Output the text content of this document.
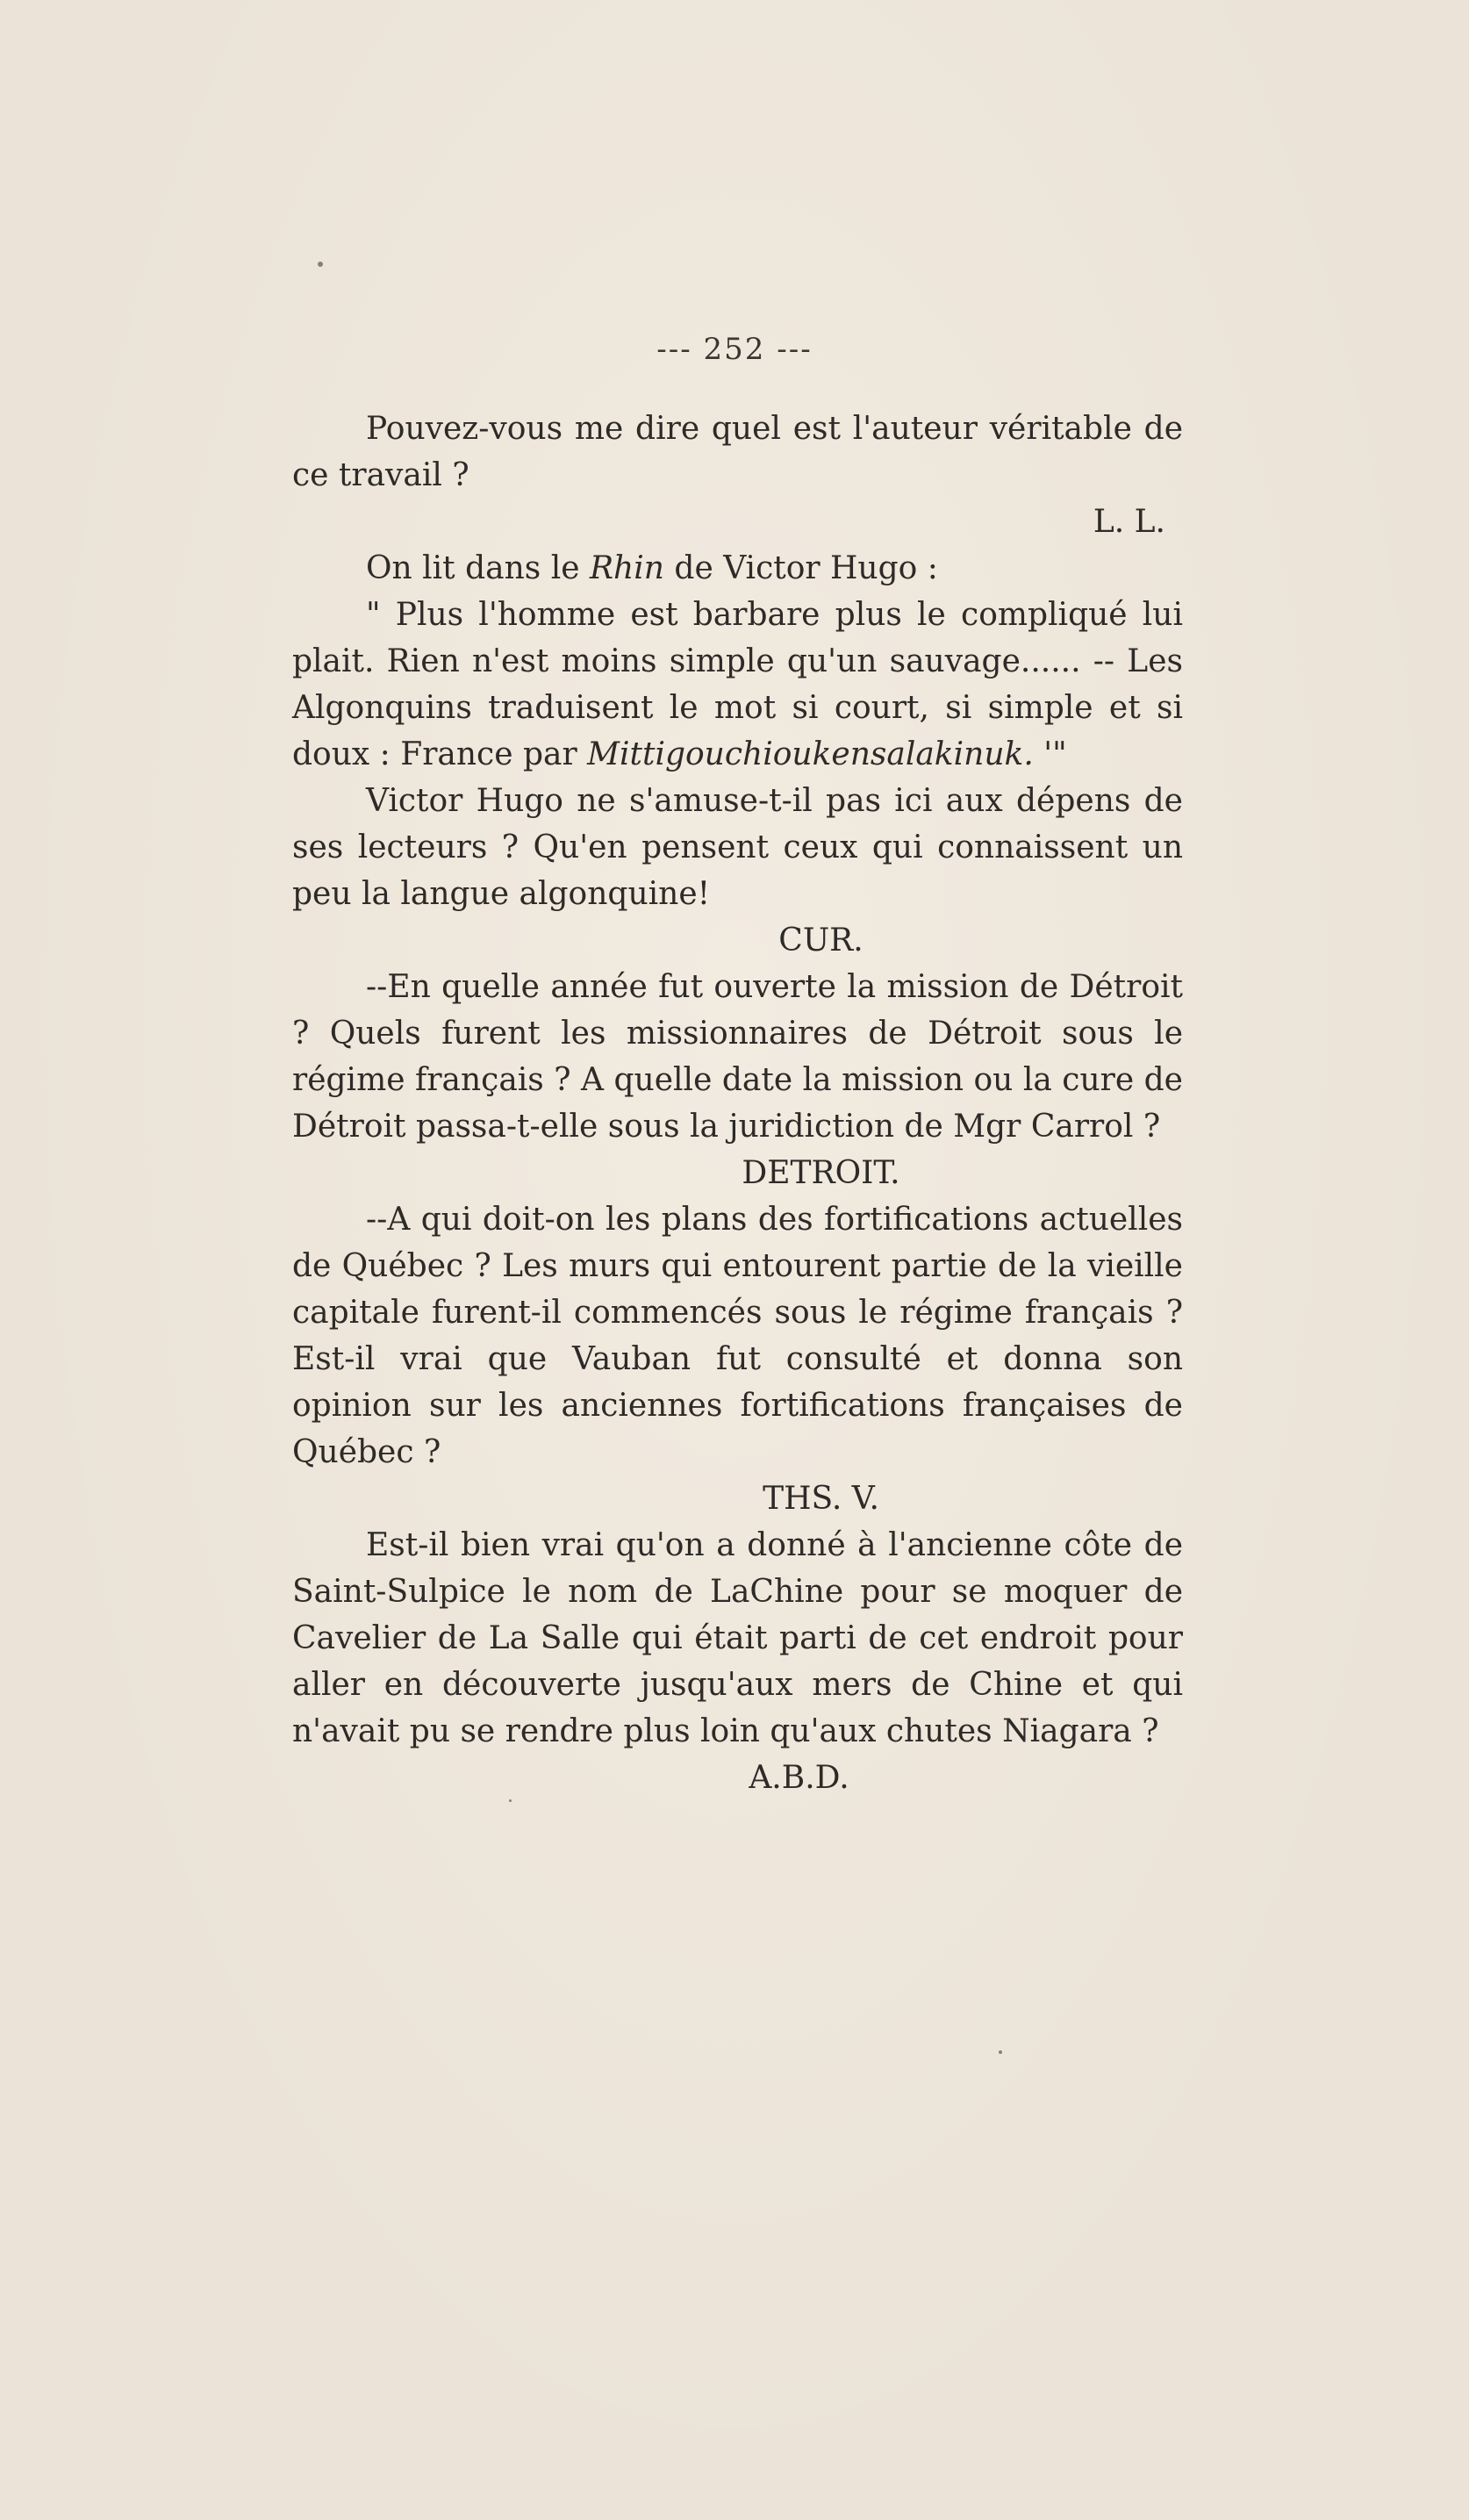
--- 252 ---

Pouvez-vous me dire quel est l'auteur véritable de ce travail ?

L. L.

On lit dans le Rhin de Victor Hugo :

" Plus l'homme est barbare plus le compliqué lui plait. Rien n'est moins simple qu'un sauvage...... -- Les Algonquins traduisent le mot si court, si simple et si doux : France par Mittigouchioukensalakinuk. '"

Victor Hugo ne s'amuse-t-il pas ici aux dépens de ses lecteurs ? Qu'en pensent ceux qui connaissent un peu la langue algonquine!

CUR.

--En quelle année fut ouverte la mission de Détroit ? Quels furent les missionnaires de Détroit sous le régime français ? A quelle date la mission ou la cure de Détroit passa-t-elle sous la juridiction de Mgr Carrol ?

DETROIT.

--A qui doit-on les plans des fortifications actuelles de Québec ? Les murs qui entourent partie de la vieille capitale furent-il commencés sous le régime français ? Est-il vrai que Vauban fut consulté et donna son opinion sur les anciennes fortifications françaises de Québec ?

THS. V.

Est-il bien vrai qu'on a donné à l'ancienne côte de Saint-Sulpice le nom de LaChine pour se moquer de Cavelier de La Salle qui était parti de cet endroit pour aller en découverte jusqu'aux mers de Chine et qui n'avait pu se rendre plus loin qu'aux chutes Niagara ?

A.B.D.
